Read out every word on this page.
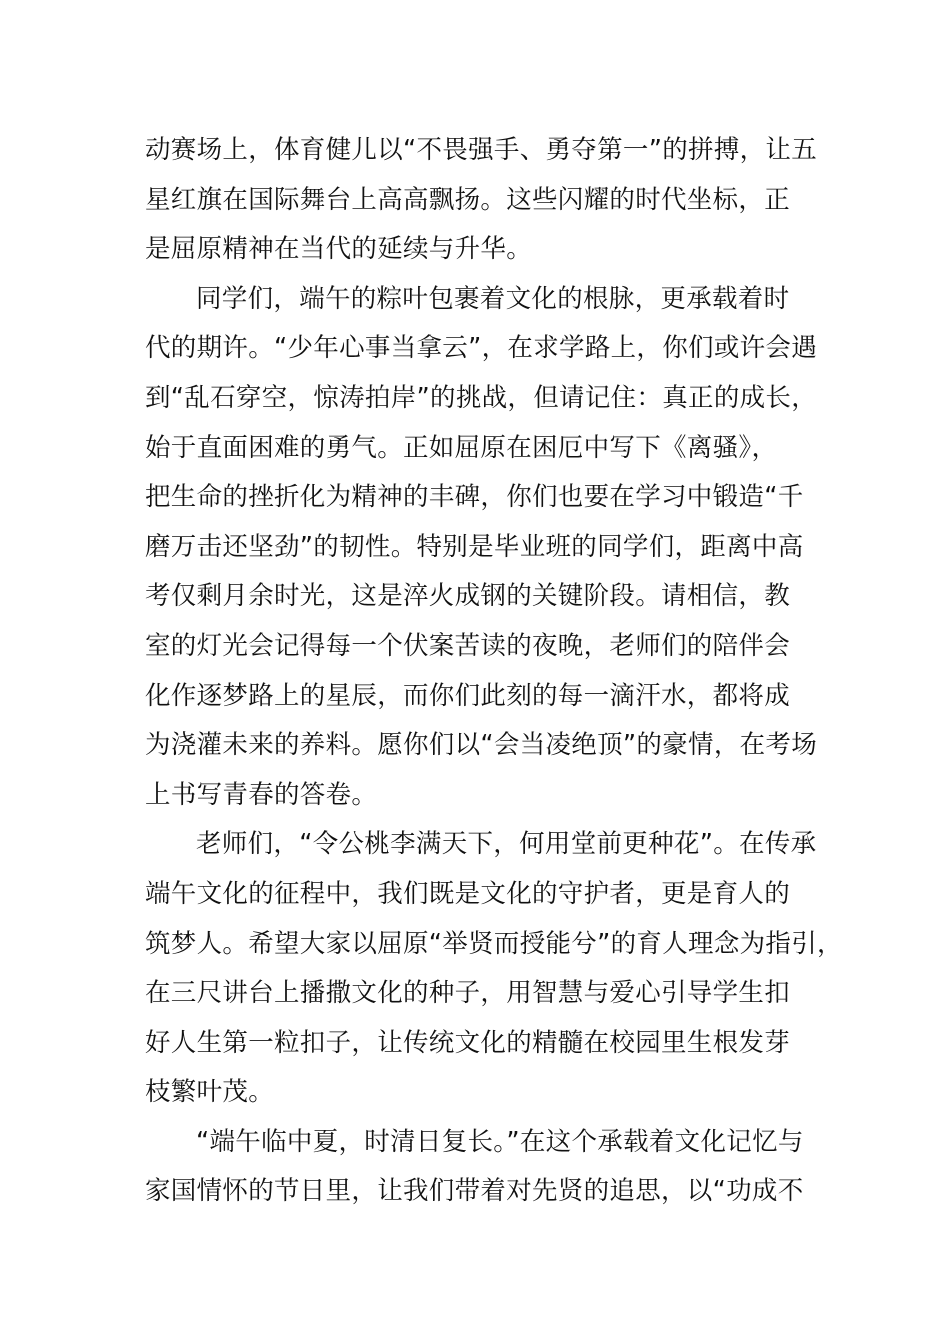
动赛场上，体育健儿以“不畏强手、勇夺第一”的拼搏，让五
星红旗在国际舞台上高高飘扬。这些闪耀的时代坐标，正
是屈原精神在当代的延续与升华。
同学们，端午的粽叶包裹着文化的根脉，更承载着时
代的期许。“少年心事当拿云”，在求学路上，你们或许会遇
到“乱石穿空，惊涛拍岸”的挑战，但请记住：真正的成长，
始于直面困难的勇气。正如屈原在困厄中写下《离骚》，
把生命的挫折化为精神的丰碑，你们也要在学习中锻造“千
磨万击还坚劲”的韧性。特别是毕业班的同学们，距离中高
考仅剩月余时光，这是淬火成钢的关键阶段。请相信，教
室的灯光会记得每一个伏案苦读的夜晚，老师们的陪伴会
化作逐梦路上的星辰，而你们此刻的每一滴汗水，都将成
为浇灌未来的养料。愿你们以“会当凌绝顶”的豪情，在考场
上书写青春的答卷。
老师们，“令公桃李满天下，何用堂前更种花”。在传承
端午文化的征程中，我们既是文化的守护者，更是育人的
筑梦人。希望大家以屈原“举贤而授能兮”的育人理念为指引，
在三尺讲台上播撒文化的种子，用智慧与爱心引导学生扣
好人生第一粒扣子，让传统文化的精髓在校园里生根发芽
枝繁叶茂。
“端午临中夏，时清日复长。”在这个承载着文化记忆与
家国情怀的节日里，让我们带着对先贤的追思，以“功成不
